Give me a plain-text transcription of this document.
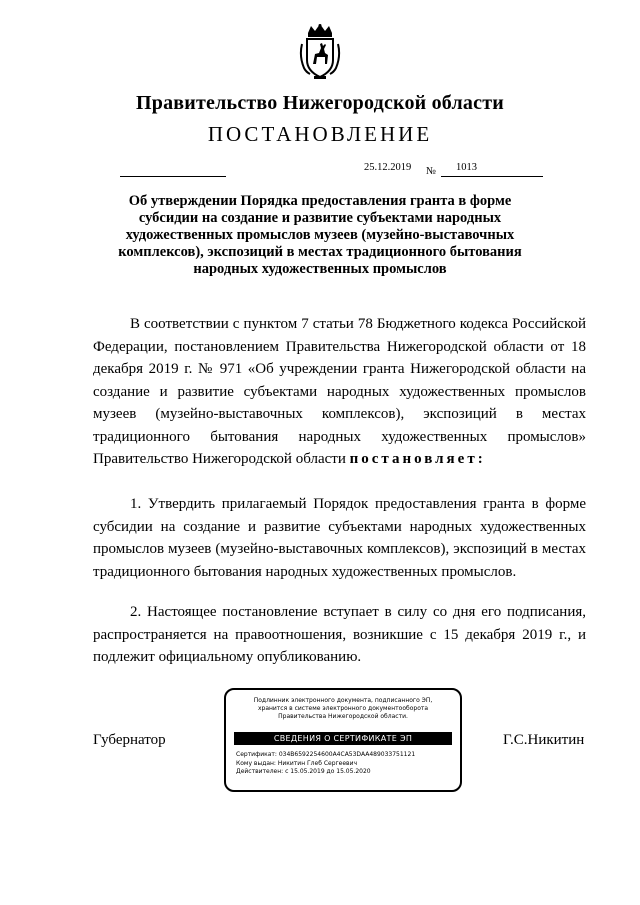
Правительство Нижегородской области
ПОСТАНОВЛЕНИЕ
25.12.2019 № 1013
Об утверждении Порядка предоставления гранта в форме
субсидии на создание и развитие субъектами народных
художественных промыслов музеев (музейно-выставочных
комплексов), экспозиций в местах традиционного бытования
народных художественных промыслов

В соответствии с пунктом 7 статьи 78 Бюджетного кодекса Российской Федерации, постановлением Правительства Нижегородской области от 18 декабря 2019 г. № 971 «Об учреждении гранта Нижегородской области на создание и развитие субъектами народных художественных промыслов музеев (музейно-выставочных комплексов), экспозиций в местах традиционного бытования народных художественных промыслов» Правительство Нижегородской области постановляет:

1. Утвердить прилагаемый Порядок предоставления гранта в форме субсидии на создание и развитие субъектами народных художественных промыслов музеев (музейно-выставочных комплексов), экспозиций в местах традиционного бытования народных художественных промыслов.

2. Настоящее постановление вступает в силу со дня его подписания, распространяется на правоотношения, возникшие с 15 декабря 2019 г., и подлежит официальному опубликованию.

Губернатор	Г.С.Никитин
Подлинник электронного документа, подписанного ЭП,
хранится в системе электронного документооборота
Правительства Нижегородской области.
СВЕДЕНИЯ О СЕРТИФИКАТЕ ЭП
Сертификат: 034B6592254600A4CA53DAA489033751121
Кому выдан: Никитин Глеб Сергеевич
Действителен: с 15.05.2019 до 15.05.2020
